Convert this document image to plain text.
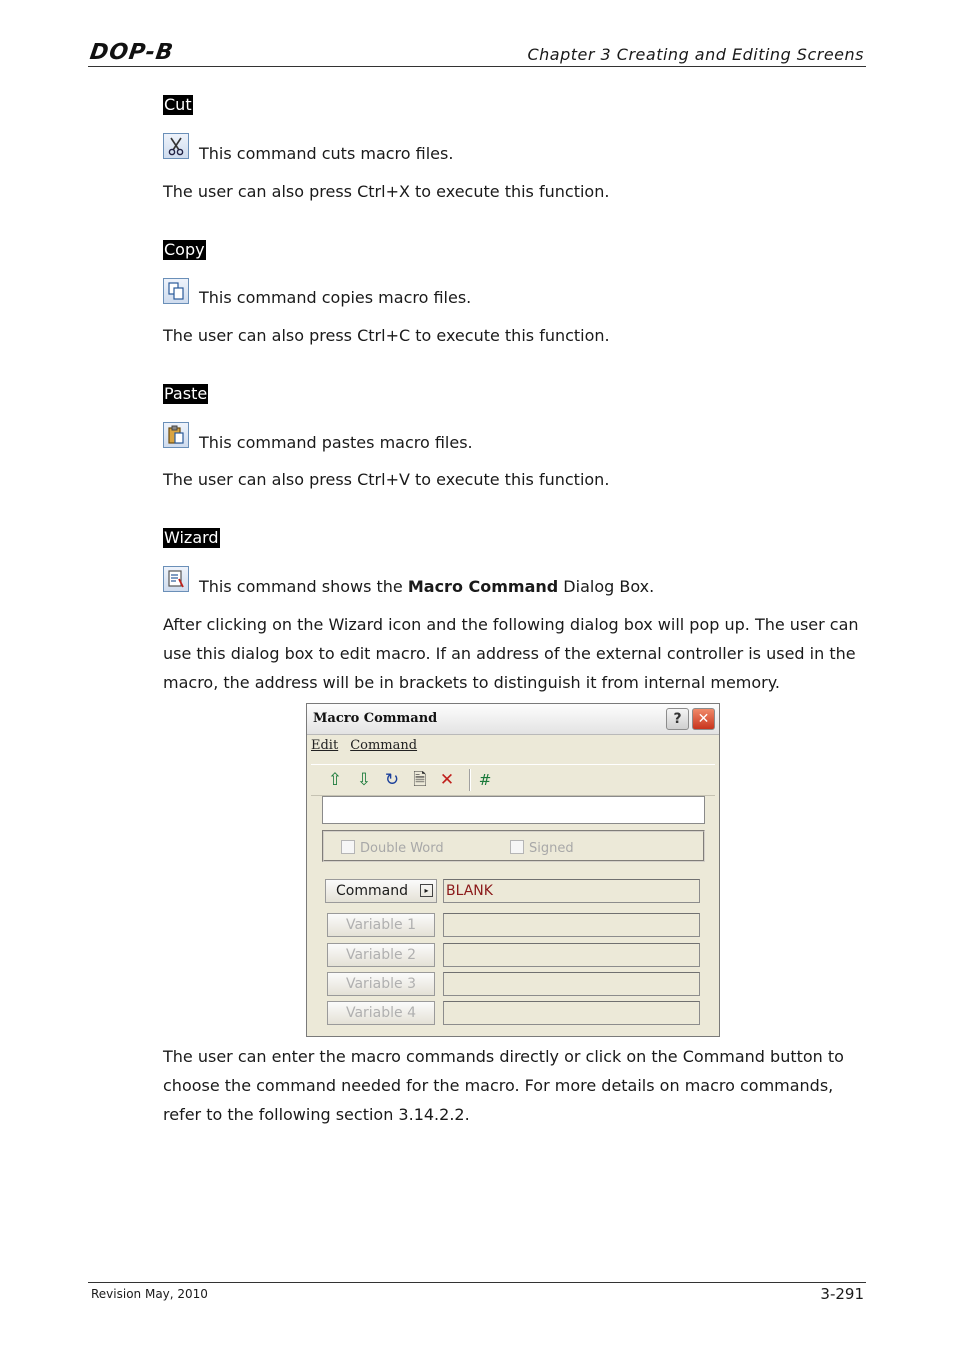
DOP-B	Chapter 3 Creating and Editing Screens
Cut
This command cuts macro files.
The user can also press Ctrl+X to execute this function.
Copy
This command copies macro files.
The user can also press Ctrl+C to execute this function.
Paste
This command pastes macro files.
The user can also press Ctrl+V to execute this function.
Wizard
This command shows the Macro Command Dialog Box.
After clicking on the Wizard icon and the following dialog box will pop up. The user can use this dialog box to edit macro. If an address of the external controller is used in the macro, the address will be in brackets to distinguish it from internal memory.
Macro Command	?	✕
Edit Command
⇧ ⇩ ↻ 🗎 ✕ #
Double Word	Signed
Command	▸	BLANK
Variable 1
Variable 2
Variable 3
Variable 4
The user can enter the macro commands directly or click on the Command button to choose the command needed for the macro. For more details on macro commands, refer to the following section 3.14.2.2.
Revision May, 2010	3-291
